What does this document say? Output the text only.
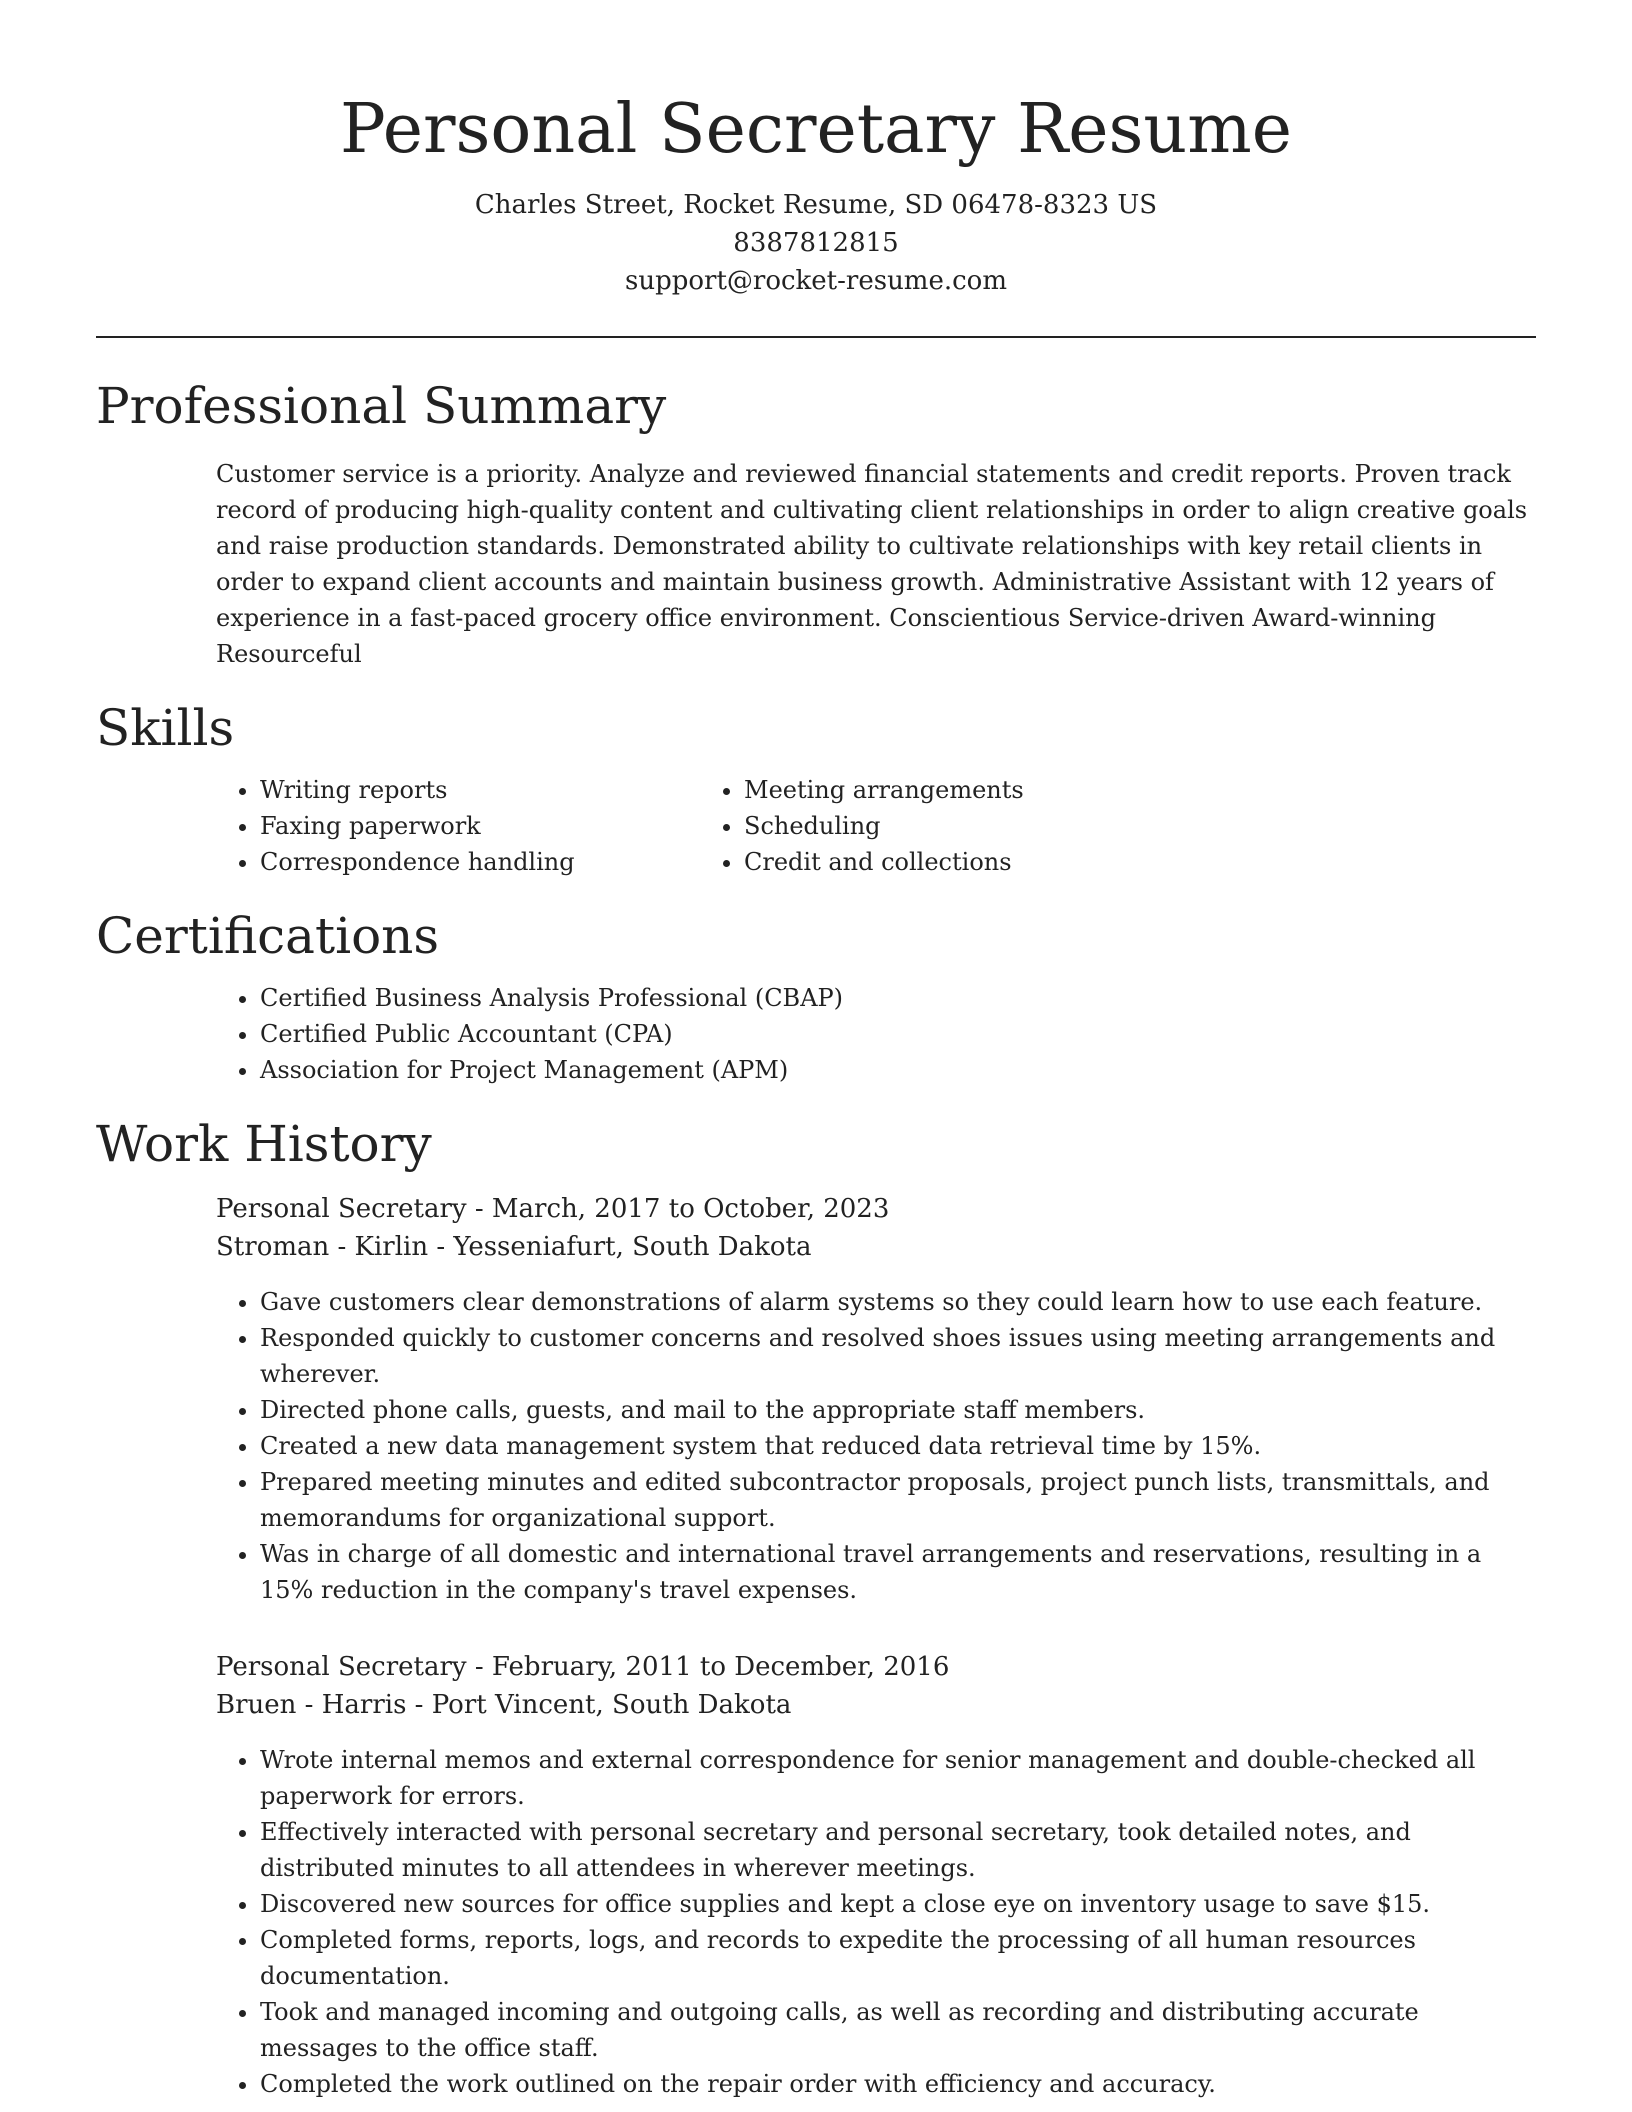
Personal Secretary Resume
Charles Street, Rocket Resume, SD 06478-8323 US
8387812815
support@rocket-resume.com
Professional Summary

Customer service is a priority. Analyze and reviewed financial statements and credit reports. Proven track record of producing high-quality content and cultivating client relationships in order to align creative goals and raise production standards. Demonstrated ability to cultivate relationships with key retail clients in order to expand client accounts and maintain business growth. Administrative Assistant with 12 years of experience in a fast-paced grocery office environment. Conscientious Service-driven Award-winning Resourceful

Skills
• Writing reports
• Faxing paperwork
• Correspondence handling
• Meeting arrangements
• Scheduling
• Credit and collections
Certifications
• Certified Business Analysis Professional (CBAP)
• Certified Public Accountant (CPA)
• Association for Project Management (APM)
Work History
Personal Secretary - March, 2017 to October, 2023
Stroman - Kirlin - Yesseniafurt, South Dakota
• Gave customers clear demonstrations of alarm systems so they could learn how to use each feature.
• Responded quickly to customer concerns and resolved shoes issues using meeting arrangements and wherever.
• Directed phone calls, guests, and mail to the appropriate staff members.
• Created a new data management system that reduced data retrieval time by 15%.
• Prepared meeting minutes and edited subcontractor proposals, project punch lists, transmittals, and memorandums for organizational support.
• Was in charge of all domestic and international travel arrangements and reservations, resulting in a 15% reduction in the company's travel expenses.
Personal Secretary - February, 2011 to December, 2016
Bruen - Harris - Port Vincent, South Dakota
• Wrote internal memos and external correspondence for senior management and double-checked all paperwork for errors.
• Effectively interacted with personal secretary and personal secretary, took detailed notes, and distributed minutes to all attendees in wherever meetings.
• Discovered new sources for office supplies and kept a close eye on inventory usage to save $15.
• Completed forms, reports, logs, and records to expedite the processing of all human resources documentation.
• Took and managed incoming and outgoing calls, as well as recording and distributing accurate messages to the office staff.
• Completed the work outlined on the repair order with efficiency and accuracy.
